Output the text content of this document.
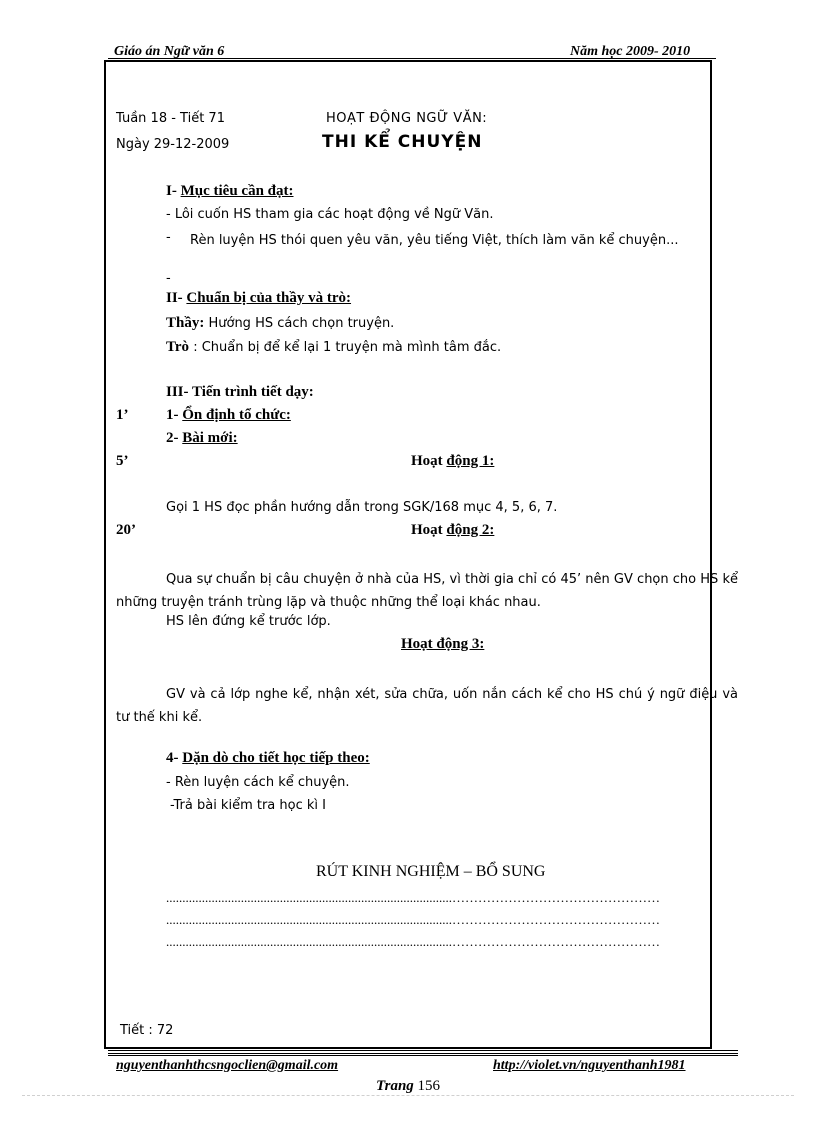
Giáo án Ngữ văn 6	Năm học 2009- 2010
Tuần 18 - Tiết 71
Ngày 29-12-2009
HOẠT ĐỘNG NGỮ VĂN:
THI KỂ CHUYỆN
I- Mục tiêu cần đạt:
- Lôi cuốn HS tham gia các hoạt động về Ngữ Văn.
- Rèn luyện HS thói quen yêu văn, yêu tiếng Việt, thích làm văn kể chuyện...
-
II- Chuẩn bị của thầy và trò:
Thầy: Hướng HS cách chọn truyện.
Trò : Chuẩn bị để kể lại 1 truyện mà mình tâm đắc.
III- Tiến trình tiết dạy:
1’	1- Ổn định tổ chức:
2- Bài mới:
5’	Hoạt động 1:
Gọi 1 HS đọc phần hướng dẫn trong SGK/168 mục 4, 5, 6, 7.
20’	Hoạt động 2:
Qua sự chuẩn bị câu chuyện ở nhà của HS, vì thời gia chỉ có 45’ nên GV chọn cho HS kể những truyện tránh trùng lặp và thuộc những thể loại khác nhau.
HS lên đứng kể trước lớp.
Hoạt động 3:
GV và cả lớp nghe kể, nhận xét, sửa chữa, uốn nắn cách kể cho HS chú ý ngữ điệu và tư thế khi kể.
4- Dặn dò cho tiết học tiếp theo:
- Rèn luyện cách kể chuyện.
-Trả bài kiểm tra học kì I
RÚT KINH NGHIỆM – BỔ SUNG
........................................................................................…………………………………………
........................................................................................…………………………………………
........................................................................................…………………………………………
Tiết : 72
nguyenthanhthcsngoclien@gmail.com	http://violet.vn/nguyenthanh1981
Trang 156
